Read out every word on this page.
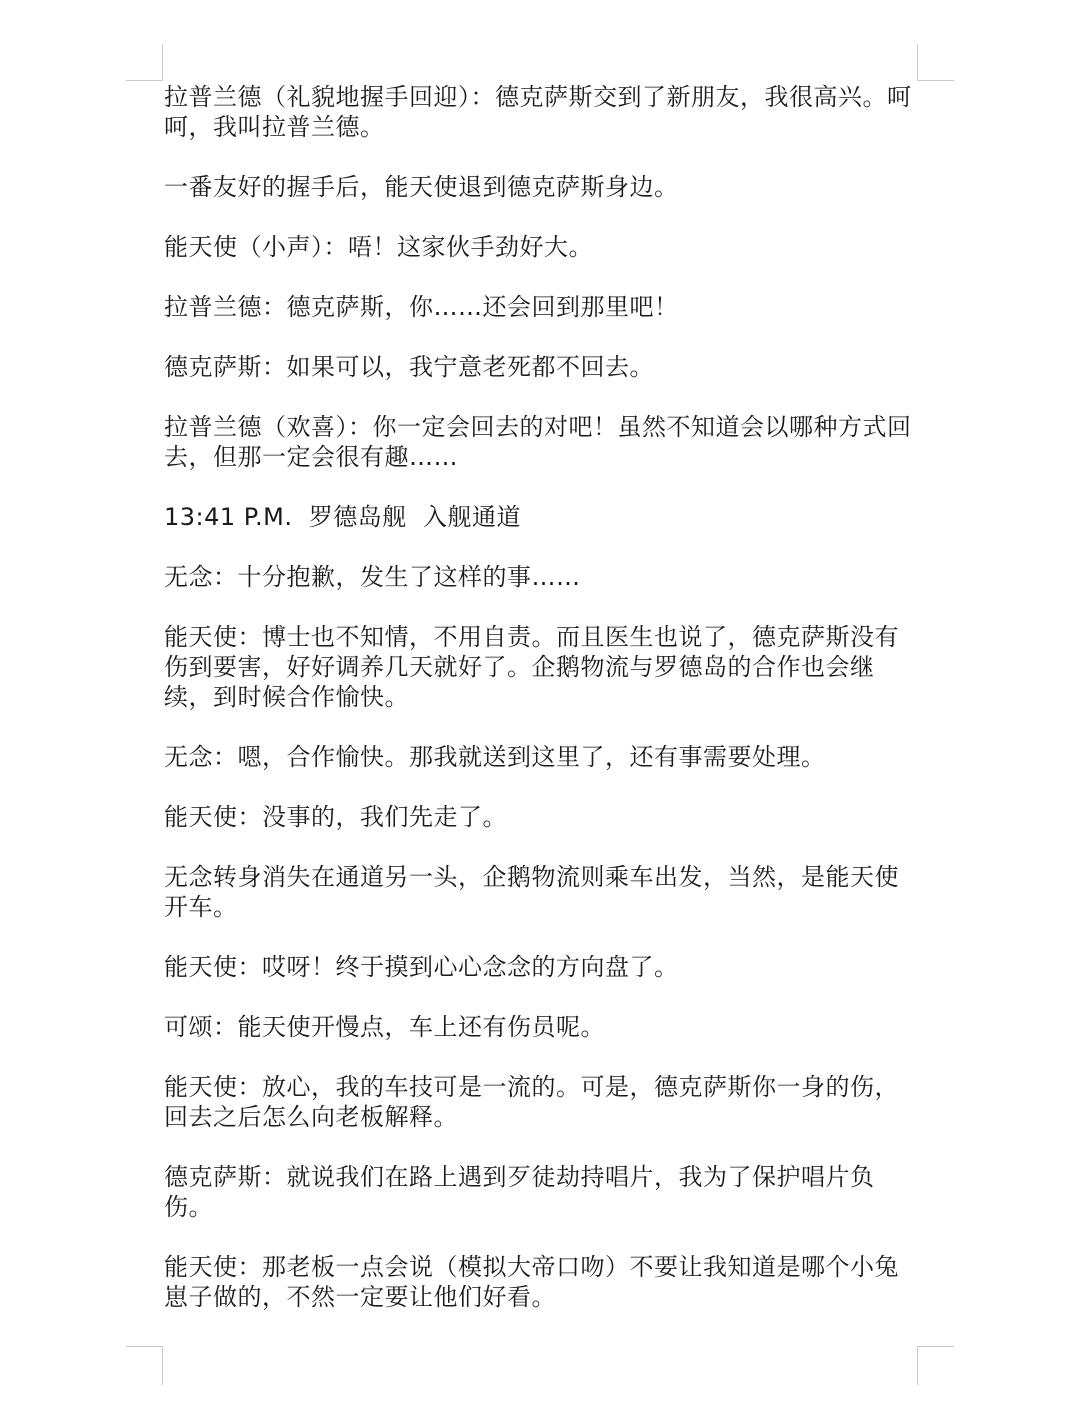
拉普兰德（礼貌地握手回迎）：德克萨斯交到了新朋友，我很高兴。呵呵，我叫拉普兰德。

一番友好的握手后，能天使退到德克萨斯身边。

能天使（小声）：唔！这家伙手劲好大。

拉普兰德：德克萨斯，你……还会回到那里吧！

德克萨斯：如果可以，我宁意老死都不回去。

拉普兰德（欢喜）：你一定会回去的对吧！虽然不知道会以哪种方式回去，但那一定会很有趣……

13:41 P.M.  罗德岛舰  入舰通道

无念：十分抱歉，发生了这样的事……

能天使：博士也不知情，不用自责。而且医生也说了，德克萨斯没有伤到要害，好好调养几天就好了。企鹅物流与罗德岛的合作也会继续，到时候合作愉快。

无念：嗯，合作愉快。那我就送到这里了，还有事需要处理。

能天使：没事的，我们先走了。

无念转身消失在通道另一头，企鹅物流则乘车出发，当然，是能天使开车。

能天使：哎呀！终于摸到心心念念的方向盘了。

可颂：能天使开慢点，车上还有伤员呢。

能天使：放心，我的车技可是一流的。可是，德克萨斯你一身的伤，回去之后怎么向老板解释。

德克萨斯：就说我们在路上遇到歹徒劫持唱片，我为了保护唱片负伤。

能天使：那老板一点会说（模拟大帝口吻）不要让我知道是哪个小兔崽子做的，不然一定要让他们好看。
